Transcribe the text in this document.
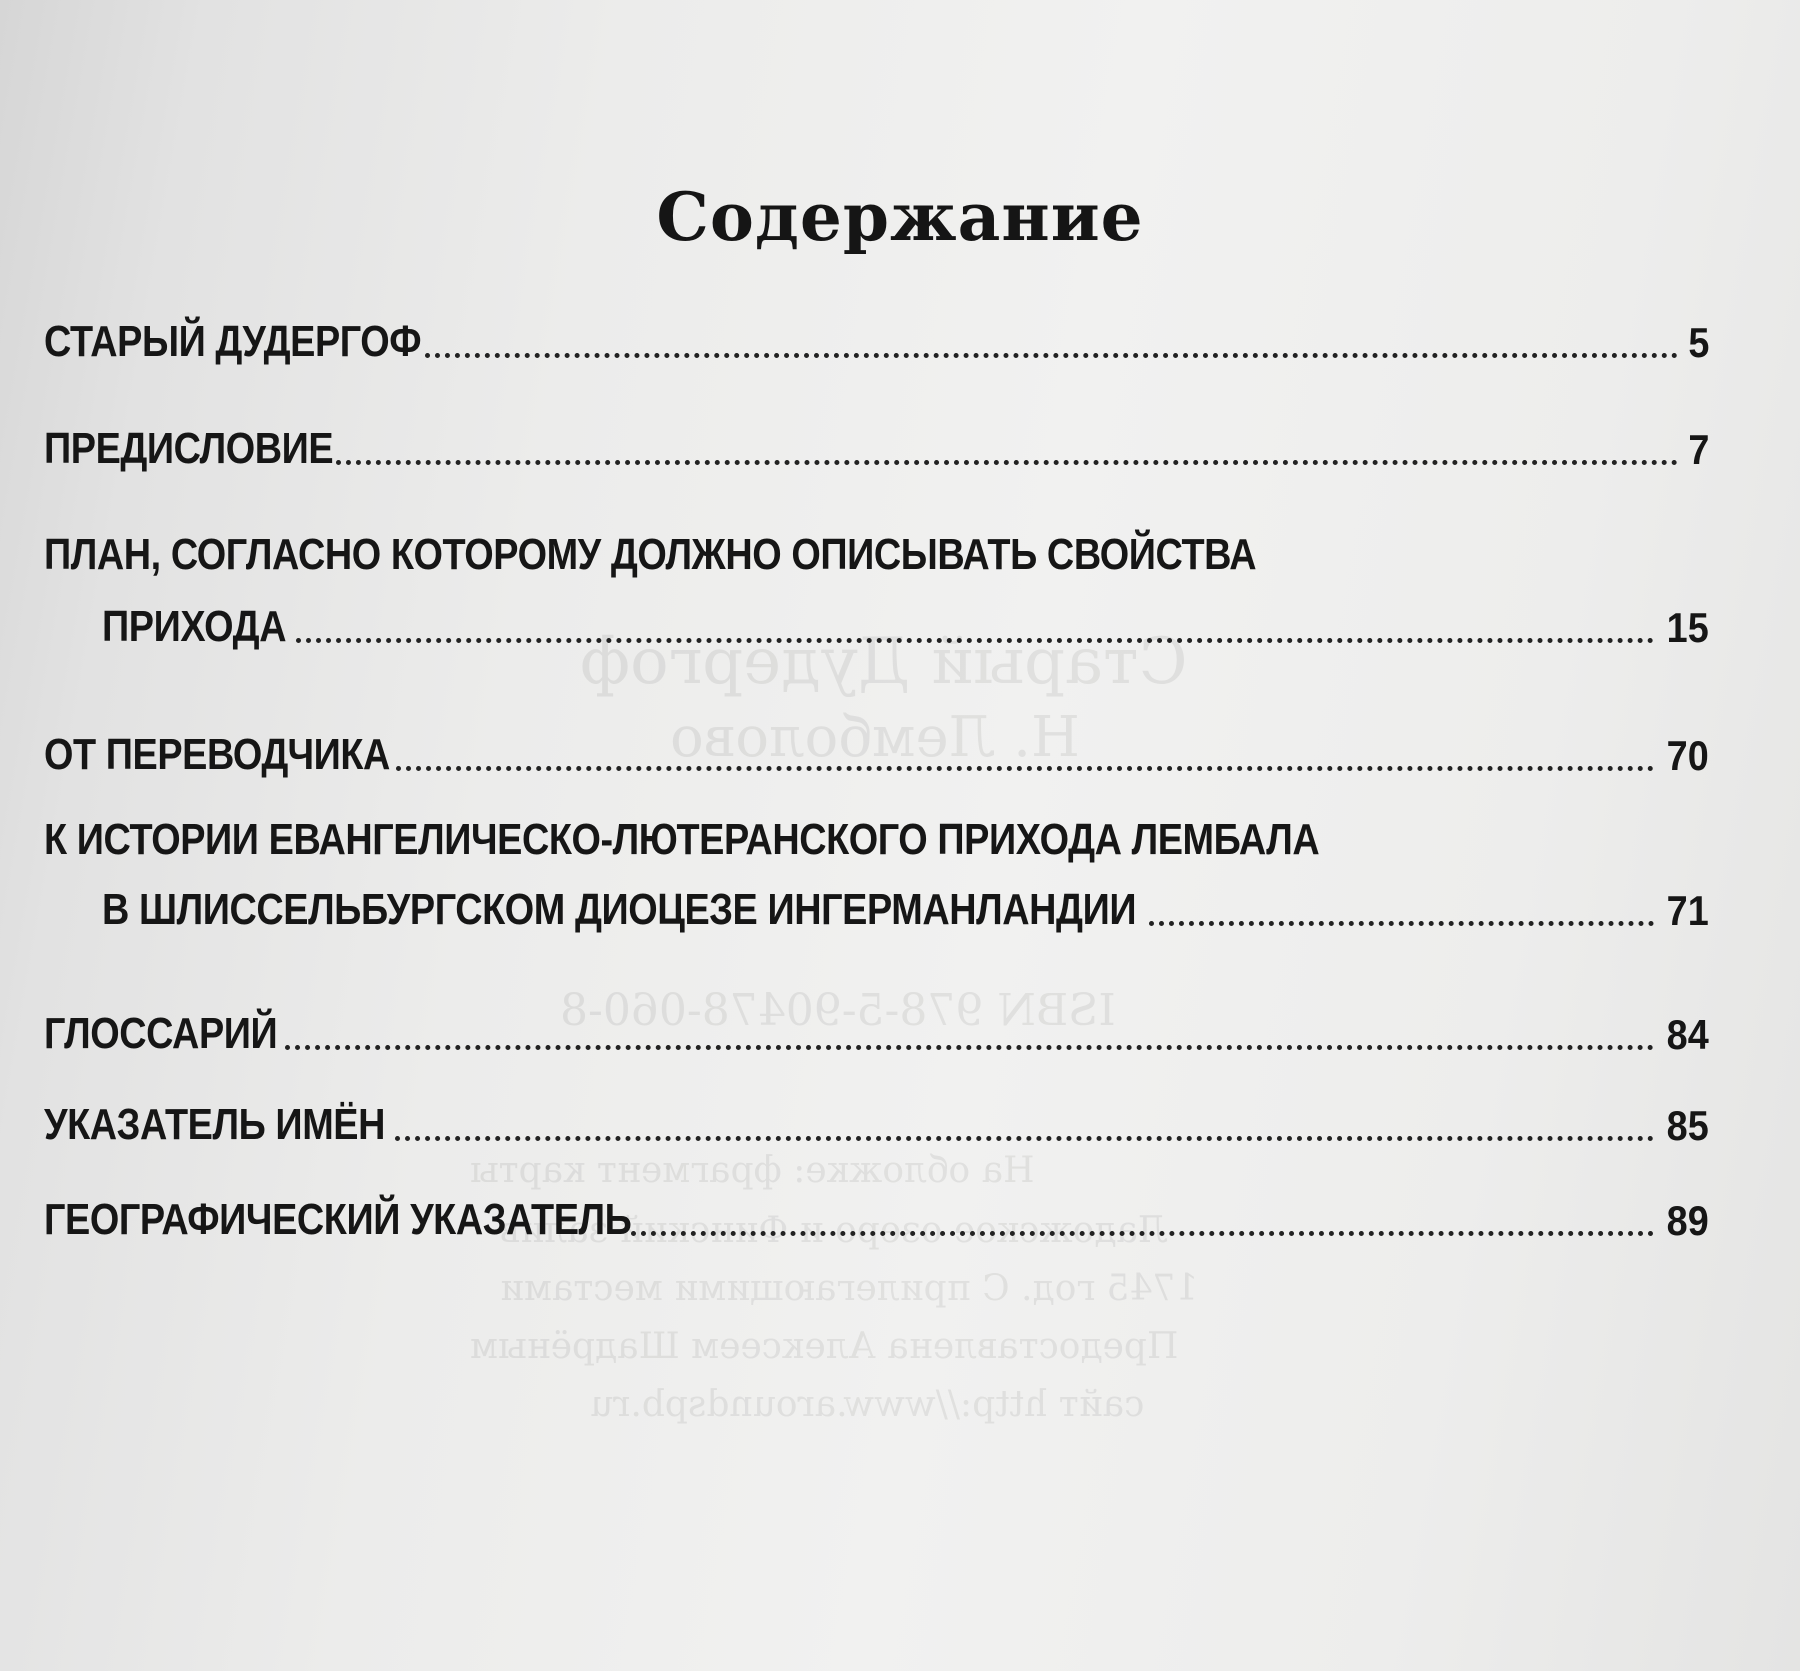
Старый Дудергоф
Н. Лемболово
ISBN 978-5-90478-060-8
На обложке: фрагмент карты
Ладожское озеро и Финский залив
1745 год. С прилегающими местами
Предоставлена Алексеем Шадрёным
сайт http://www.aroundspb.ru
Содержание
СТАРЫЙ ДУДЕРГОФ	5
ПРЕДИСЛОВИЕ	7
ПЛАН, СОГЛАСНО КОТОРОМУ ДОЛЖНО ОПИСЫВАТЬ СВОЙСТВА
ПРИХОДА	15
ОТ ПЕРЕВОДЧИКА	70
К ИСТОРИИ ЕВАНГЕЛИЧЕСКО-ЛЮТЕРАНСКОГО ПРИХОДА ЛЕМБАЛА
В ШЛИССЕЛЬБУРГСКОМ ДИОЦЕЗЕ ИНГЕРМАНЛАНДИИ	71
ГЛОССАРИЙ	84
УКАЗАТЕЛЬ ИМЁН	85
ГЕОГРАФИЧЕСКИЙ УКАЗАТЕЛЬ	89
